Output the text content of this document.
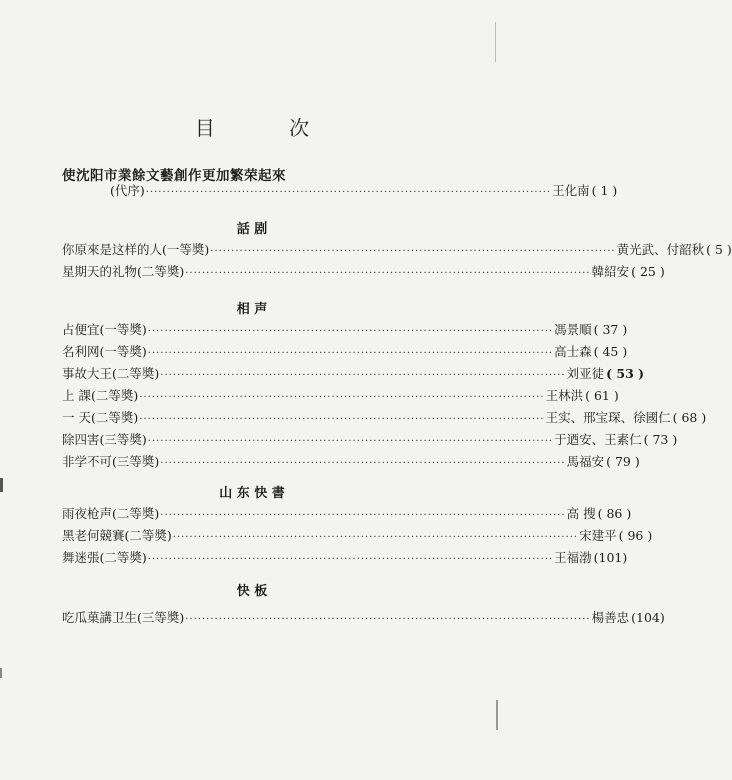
目 次
使沈阳市業餘文藝創作更加繁荣起來
(代序) ································································································· 王化南 ( 1 )
話 剧
你原來是这样的人(一等奬) ································································································· 黄光武、付韶秋 ( 5 )
星期天的礼物(二等奬) ································································································· 韓紹安 ( 25 )
相 声
占便宜(一等奬) ································································································· 馮景順 ( 37 )
名利网(一等奬) ································································································· 高士森 ( 45 )
事故大王(二等奬) ································································································· 刘亚徒 ( 53 )
上 課(二等奬) ································································································· 王林洪 ( 61 )
一 天(二等奬) ································································································· 王实、邢宝琛、徐國仁 ( 68 )
除四害(三等奬) ································································································· 于迺安、王素仁 ( 73 )
非学不可(三等奬) ································································································· 馬福安 ( 79 )
山 东 快 書
雨夜枪声(二等奬) ································································································· 高 搜 ( 86 )
黑老何競賽(二等奬) ································································································· 宋建平 ( 96 )
舞迷張(二等奬) ································································································· 王福渤 (101)
快 板
吃瓜菓講卫生(三等奬) ································································································· 楊善忠 (104)
